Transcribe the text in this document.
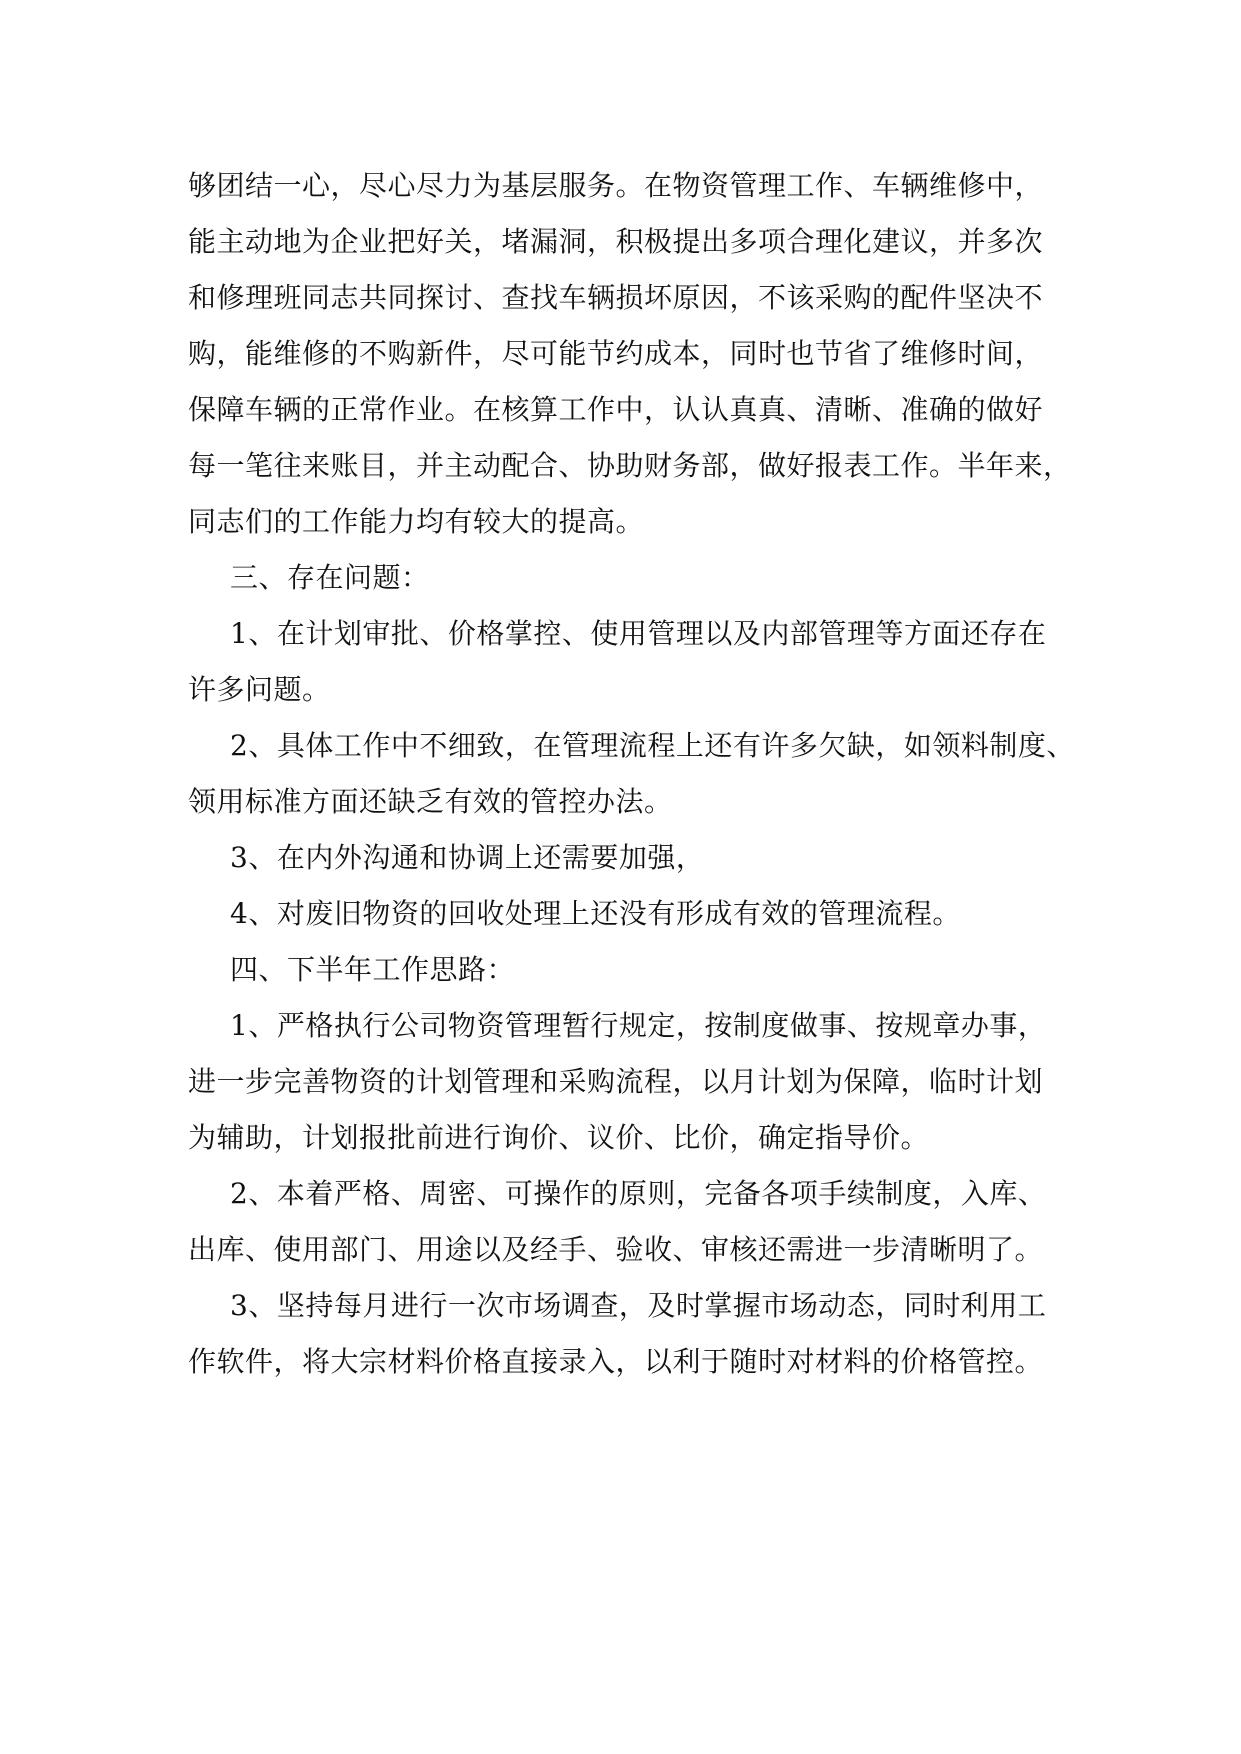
够团结一心，尽心尽力为基层服务。在物资管理工作、车辆维修中，
能主动地为企业把好关，堵漏洞，积极提出多项合理化建议，并多次
和修理班同志共同探讨、查找车辆损坏原因，不该采购的配件坚决不
购，能维修的不购新件，尽可能节约成本，同时也节省了维修时间，
保障车辆的正常作业。在核算工作中，认认真真、清晰、准确的做好
每一笔往来账目，并主动配合、协助财务部，做好报表工作。半年来，
同志们的工作能力均有较大的提高。
三、存在问题：
1、在计划审批、价格掌控、使用管理以及内部管理等方面还存在
许多问题。
2、具体工作中不细致，在管理流程上还有许多欠缺，如领料制度、
领用标准方面还缺乏有效的管控办法。
3、在内外沟通和协调上还需要加强，
4、对废旧物资的回收处理上还没有形成有效的管理流程。
四、下半年工作思路：
1、严格执行公司物资管理暂行规定，按制度做事、按规章办事，
进一步完善物资的计划管理和采购流程，以月计划为保障，临时计划
为辅助，计划报批前进行询价、议价、比价，确定指导价。
2、本着严格、周密、可操作的原则，完备各项手续制度，入库、
出库、使用部门、用途以及经手、验收、审核还需进一步清晰明了。
3、坚持每月进行一次市场调查，及时掌握市场动态，同时利用工
作软件，将大宗材料价格直接录入，以利于随时对材料的价格管控。
